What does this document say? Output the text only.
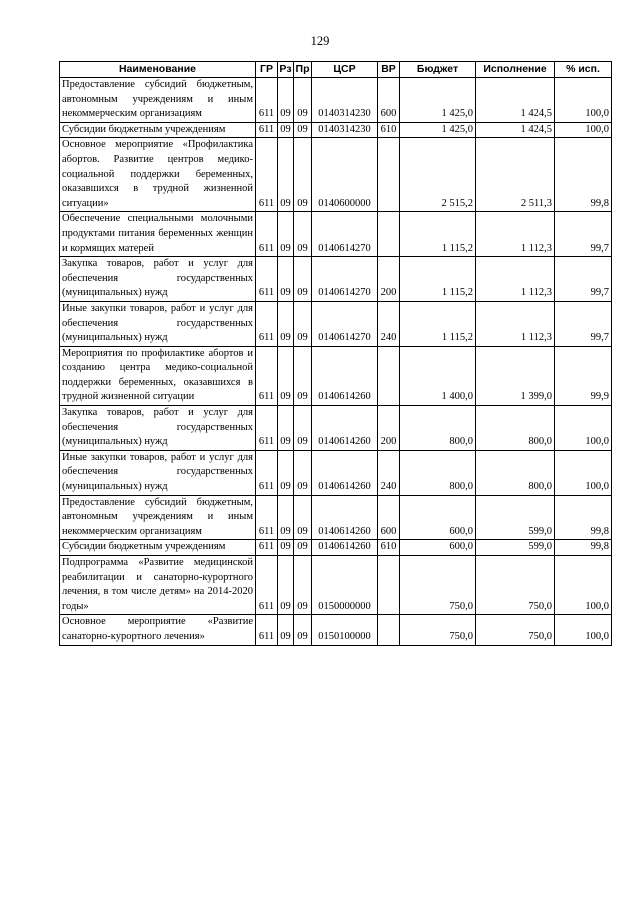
129
Наименование	ГР	Рз	Пр	ЦСР	ВР	Бюджет	Исполнение	% исп.
Предоставление субсидий бюджетным, автономным учреждениям и иным некоммерческим организациям	611	09	09	0140314230	600	1 425,0	1 424,5	100,0
Субсидии бюджетным учреждениям	611	09	09	0140314230	610	1 425,0	1 424,5	100,0
Основное мероприятие «Профилактика абортов. Развитие центров медико-социальной поддержки беременных, оказавшихся в трудной жизненной ситуации»	611	09	09	0140600000		2 515,2	2 511,3	99,8
Обеспечение специальными молочными продуктами питания беременных женщин и кормящих матерей	611	09	09	0140614270		1 115,2	1 112,3	99,7
Закупка товаров, работ и услуг для обеспечения государственных (муниципальных) нужд	611	09	09	0140614270	200	1 115,2	1 112,3	99,7
Иные закупки товаров, работ и услуг для обеспечения государственных (муниципальных) нужд	611	09	09	0140614270	240	1 115,2	1 112,3	99,7
Мероприятия по профилактике абортов и созданию центра медико-социальной поддержки беременных, оказавшихся в трудной жизненной ситуации	611	09	09	0140614260		1 400,0	1 399,0	99,9
Закупка товаров, работ и услуг для обеспечения государственных (муниципальных) нужд	611	09	09	0140614260	200	800,0	800,0	100,0
Иные закупки товаров, работ и услуг для обеспечения государственных (муниципальных) нужд	611	09	09	0140614260	240	800,0	800,0	100,0
Предоставление субсидий бюджетным, автономным учреждениям и иным некоммерческим организациям	611	09	09	0140614260	600	600,0	599,0	99,8
Субсидии бюджетным учреждениям	611	09	09	0140614260	610	600,0	599,0	99,8
Подпрограмма «Развитие медицинской реабилитации и санаторно-курортного лечения, в том числе детям» на 2014-2020 годы»	611	09	09	0150000000		750,0	750,0	100,0
Основное мероприятие «Развитие санаторно-курортного лечения»	611	09	09	0150100000		750,0	750,0	100,0
